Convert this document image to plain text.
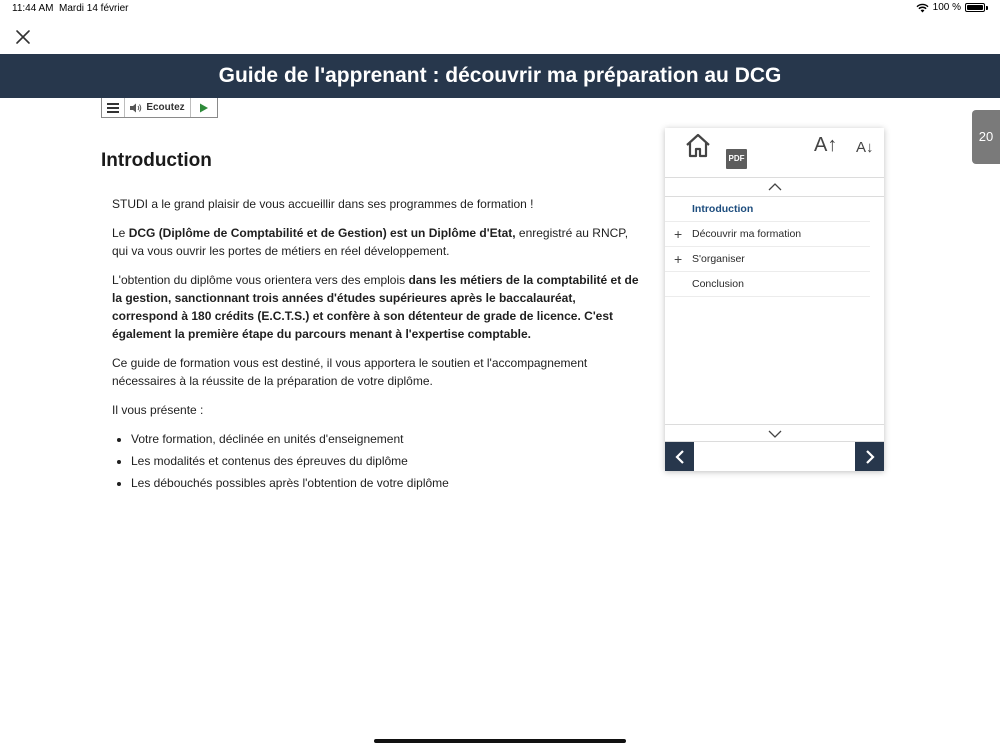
11:44 AM Mardi 14 février	100 %
Guide de l'apprenant : découvrir ma préparation au DCG
Ecoutez
Introduction

STUDI a le grand plaisir de vous accueillir dans ses programmes de formation !

Le DCG (Diplôme de Comptabilité et de Gestion) est un Diplôme d'Etat, enregistré au RNCP, qui va vous ouvrir les portes de métiers en réel développement.

L'obtention du diplôme vous orientera vers des emplois dans les métiers de la comptabilité et de la gestion, sanctionnant trois années d'études supérieures après le baccalauréat, correspond à 180 crédits (E.C.T.S.) et confère à son détenteur de grade de licence. C'est également la première étape du parcours menant à l'expertise comptable.

Ce guide de formation vous est destiné, il vous apportera le soutien et l'accompagnement nécessaires à la réussite de la préparation de votre diplôme.

Il vous présente :

• Votre formation, déclinée en unités d'enseignement
• Les modalités et contenus des épreuves du diplôme
• Les débouchés possibles après l'obtention de votre diplôme
PDF
A↑ A↓
Introduction
+ Découvrir ma formation
+ S'organiser
Conclusion
20
